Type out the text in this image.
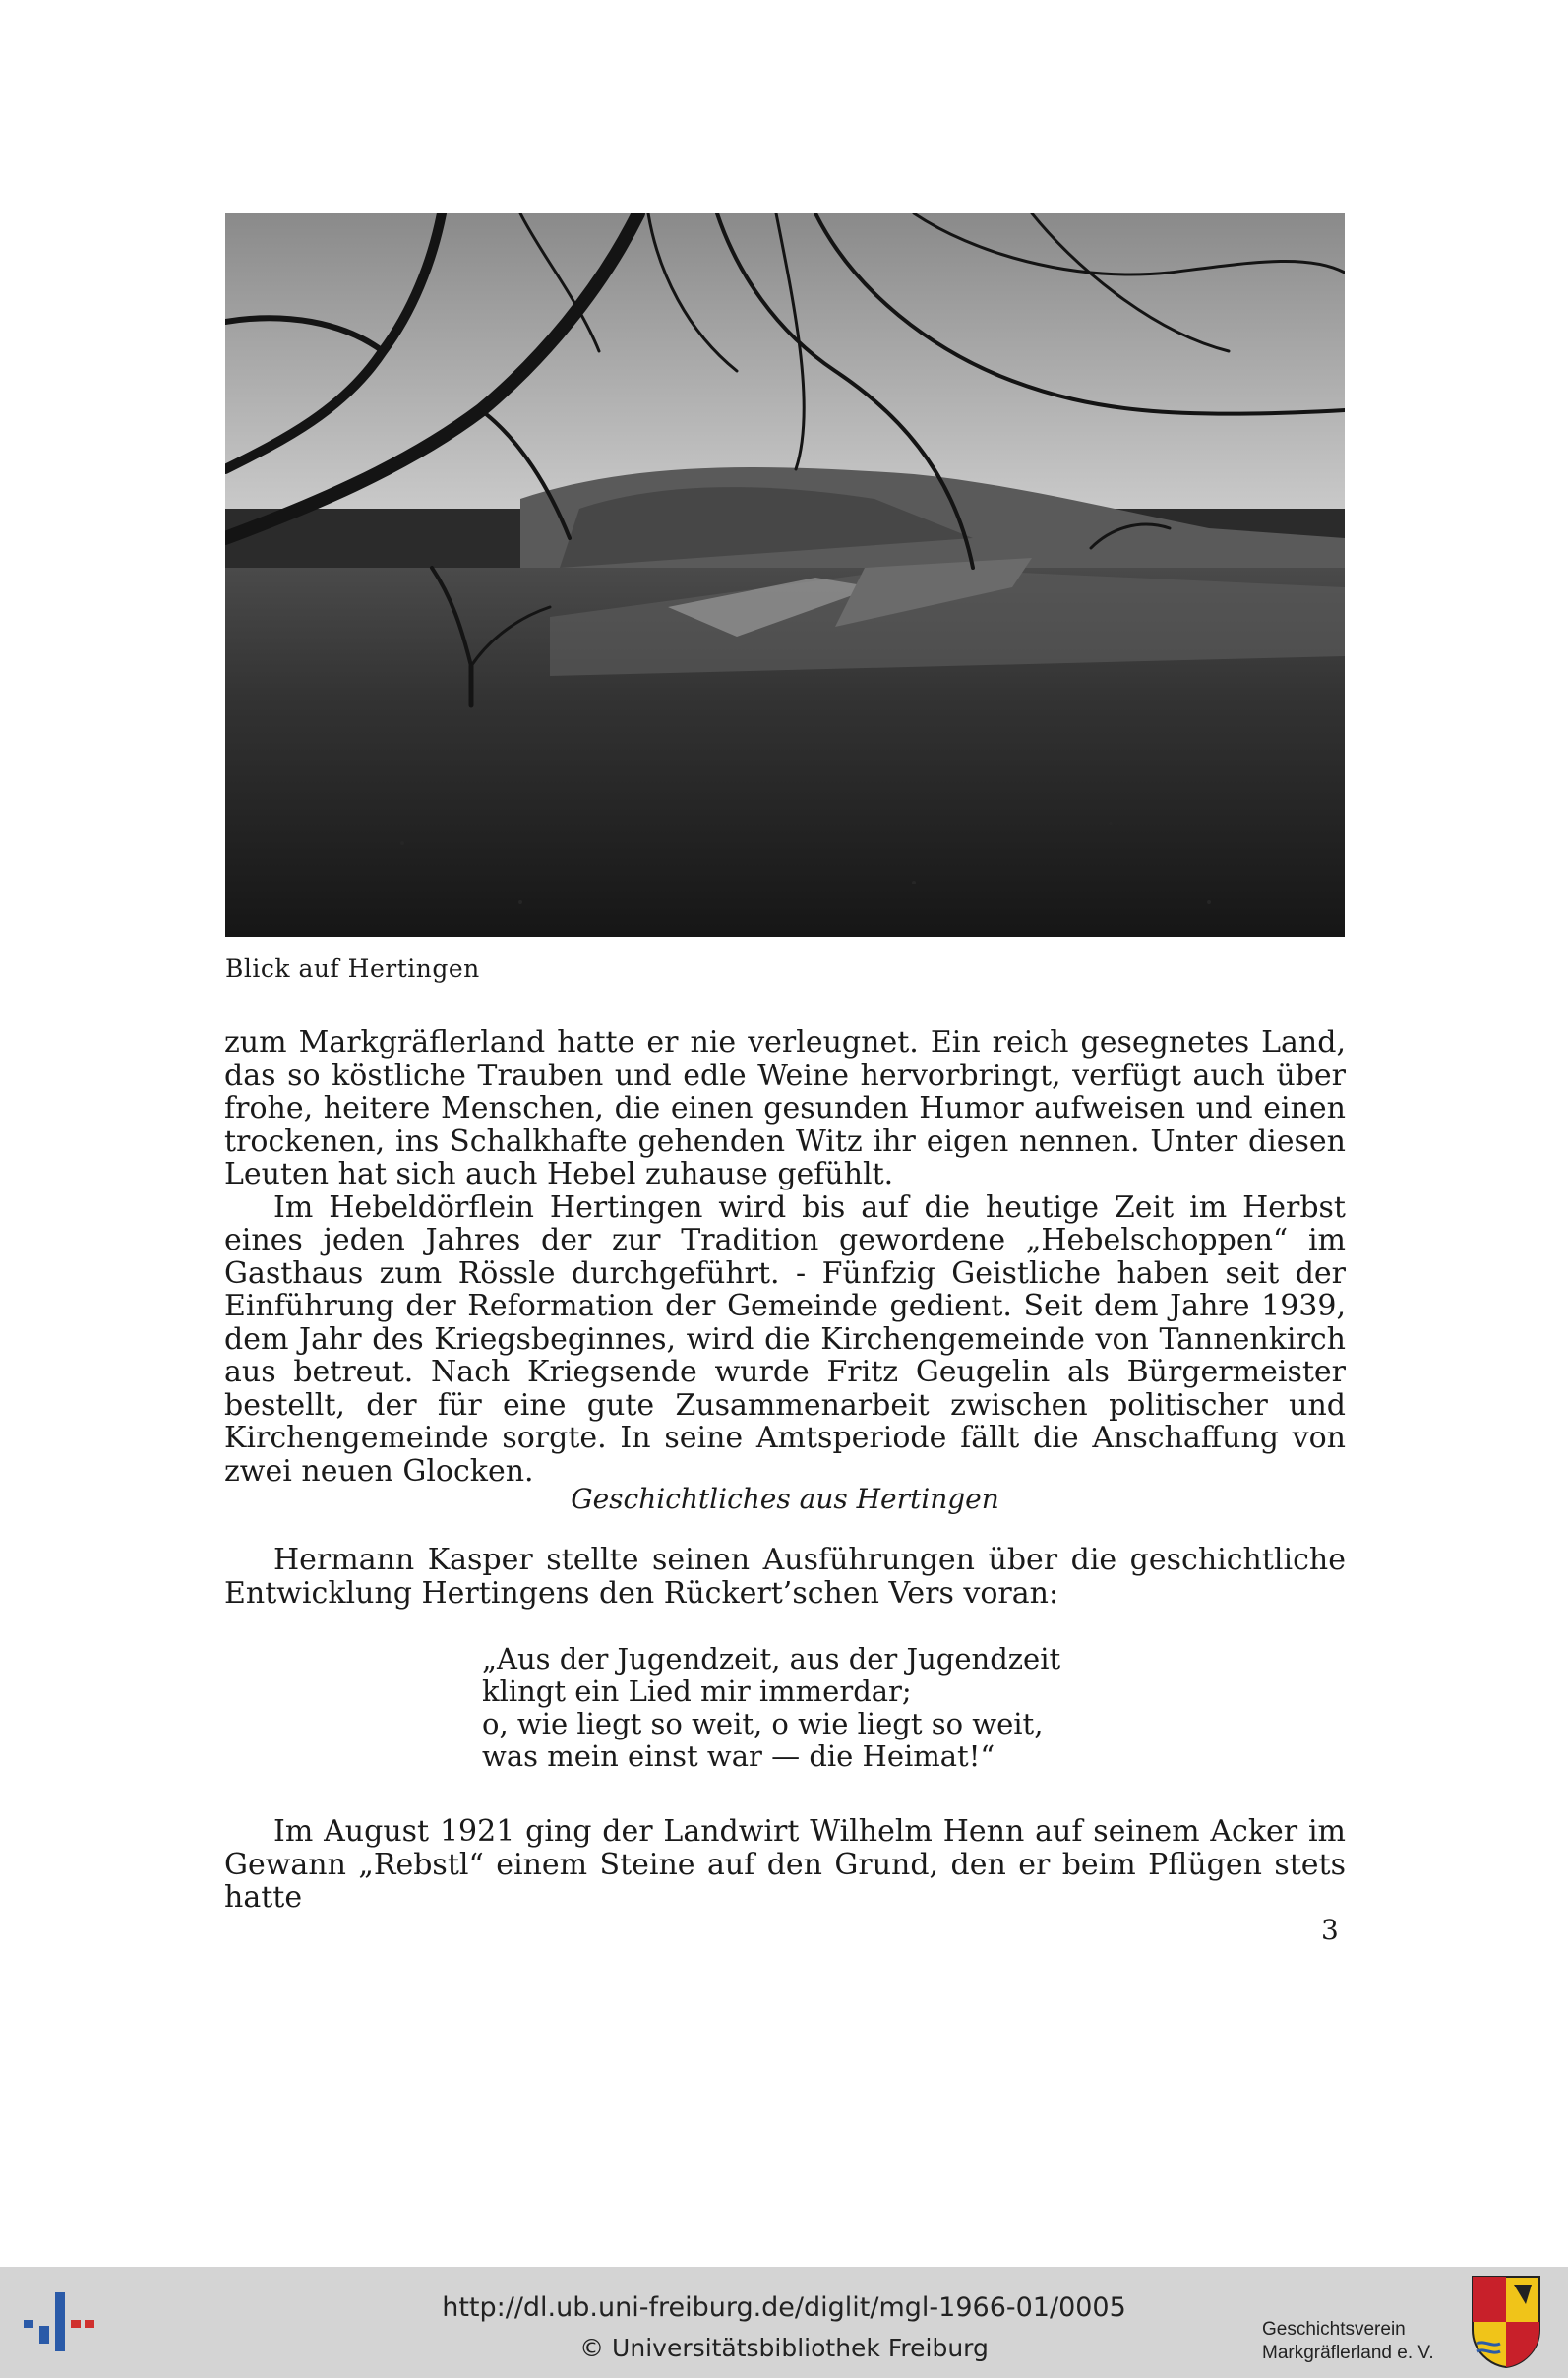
Blick auf Hertingen

zum Markgräflerland hatte er nie verleugnet. Ein reich gesegnetes Land, das so köstliche Trauben und edle Weine hervorbringt, verfügt auch über frohe, heitere Menschen, die einen gesunden Humor aufweisen und einen trockenen, ins Schalkhafte gehenden Witz ihr eigen nennen. Unter diesen Leuten hat sich auch Hebel zuhause gefühlt.

Im Hebeldörflein Hertingen wird bis auf die heutige Zeit im Herbst eines jeden Jahres der zur Tradition gewordene „Hebelschoppen“ im Gasthaus zum Rössle durchgeführt. - Fünfzig Geistliche haben seit der Einführung der Reformation der Gemeinde gedient. Seit dem Jahre 1939, dem Jahr des Kriegsbeginnes, wird die Kirchengemeinde von Tannenkirch aus betreut. Nach Kriegsende wurde Fritz Geugelin als Bürgermeister bestellt, der für eine gute Zusammenarbeit zwischen politischer und Kirchengemeinde sorgte. In seine Amtsperiode fällt die Anschaffung von zwei neuen Glocken.

Geschichtliches aus Hertingen

Hermann Kasper stellte seinen Ausführungen über die geschichtliche Entwicklung Hertingens den Rückert’schen Vers voran:

„Aus der Jugendzeit, aus der Jugendzeit
klingt ein Lied mir immerdar;
o, wie liegt so weit, o wie liegt so weit,
was mein einst war — die Heimat!“

Im August 1921 ging der Landwirt Wilhelm Henn auf seinem Acker im Gewann „Rebstl“ einem Steine auf den Grund, den er beim Pflügen stets hatte

3
http://dl.ub.uni-freiburg.de/diglit/mgl-1966-01/0005
© Universitätsbibliothek Freiburg
Geschichtsverein
Markgräflerland e. V.
